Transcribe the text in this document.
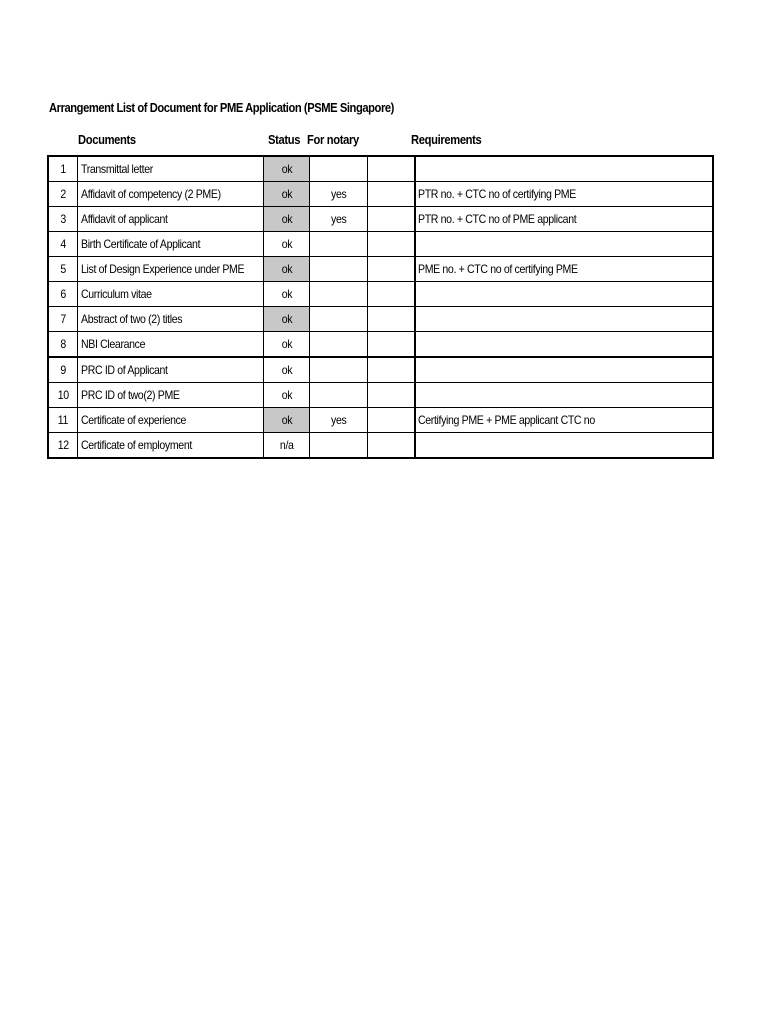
Arrangement List of Document for PME Application (PSME Singapore)
Documents	Status For notary	Requirements
1	Transmittal letter	ok			
2	Affidavit of competency (2 PME)	ok	yes		PTR no. + CTC no of certifying PME
3	Affidavit of applicant	ok	yes		PTR no. + CTC no of PME applicant
4	Birth Certificate of Applicant	ok			
5	List of Design Experience under PME	ok			PME no. + CTC no of certifying PME
6	Curriculum vitae	ok			
7	Abstract of two (2) titles	ok			
8	NBI Clearance	ok			
9	PRC ID of Applicant	ok			
10	PRC ID of two(2) PME	ok			
11	Certificate of experience	ok	yes		Certifying PME + PME applicant CTC no
12	Certificate of employment	n/a			
